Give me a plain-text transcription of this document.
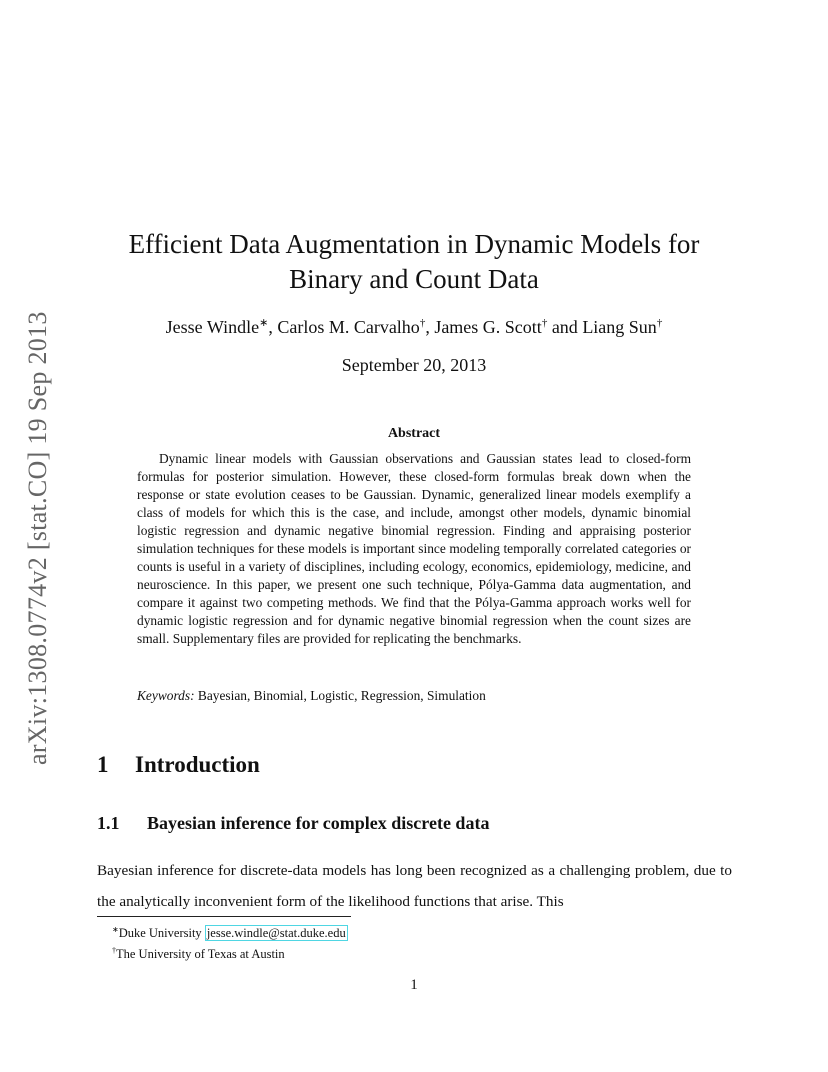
arXiv:1308.0774v2 [stat.CO] 19 Sep 2013
Efficient Data Augmentation in Dynamic Models for
Binary and Count Data
Jesse Windle∗, Carlos M. Carvalho†, James G. Scott† and Liang Sun†
September 20, 2013
Abstract

Dynamic linear models with Gaussian observations and Gaussian states lead to closed-form formulas for posterior simulation. However, these closed-form formulas break down when the response or state evolution ceases to be Gaussian. Dynamic, generalized linear models exemplify a class of models for which this is the case, and include, amongst other models, dynamic binomial logistic regression and dynamic negative binomial regression. Finding and appraising posterior simulation techniques for these models is important since modeling temporally correlated categories or counts is useful in a variety of disciplines, including ecology, economics, epidemiology, medicine, and neuroscience. In this paper, we present one such technique, Pólya-Gamma data augmentation, and compare it against two competing methods. We find that the Pólya-Gamma approach works well for dynamic logistic regression and for dynamic negative binomial regression when the count sizes are small. Supplementary files are provided for replicating the benchmarks.

Keywords: Bayesian, Binomial, Logistic, Regression, Simulation
1 Introduction
1.1 Bayesian inference for complex discrete data

Bayesian inference for discrete-data models has long been recognized as a challenging problem, due to the analytically inconvenient form of the likelihood functions that arise. This

∗Duke University jesse.windle@stat.duke.edu
†The University of Texas at Austin
1
